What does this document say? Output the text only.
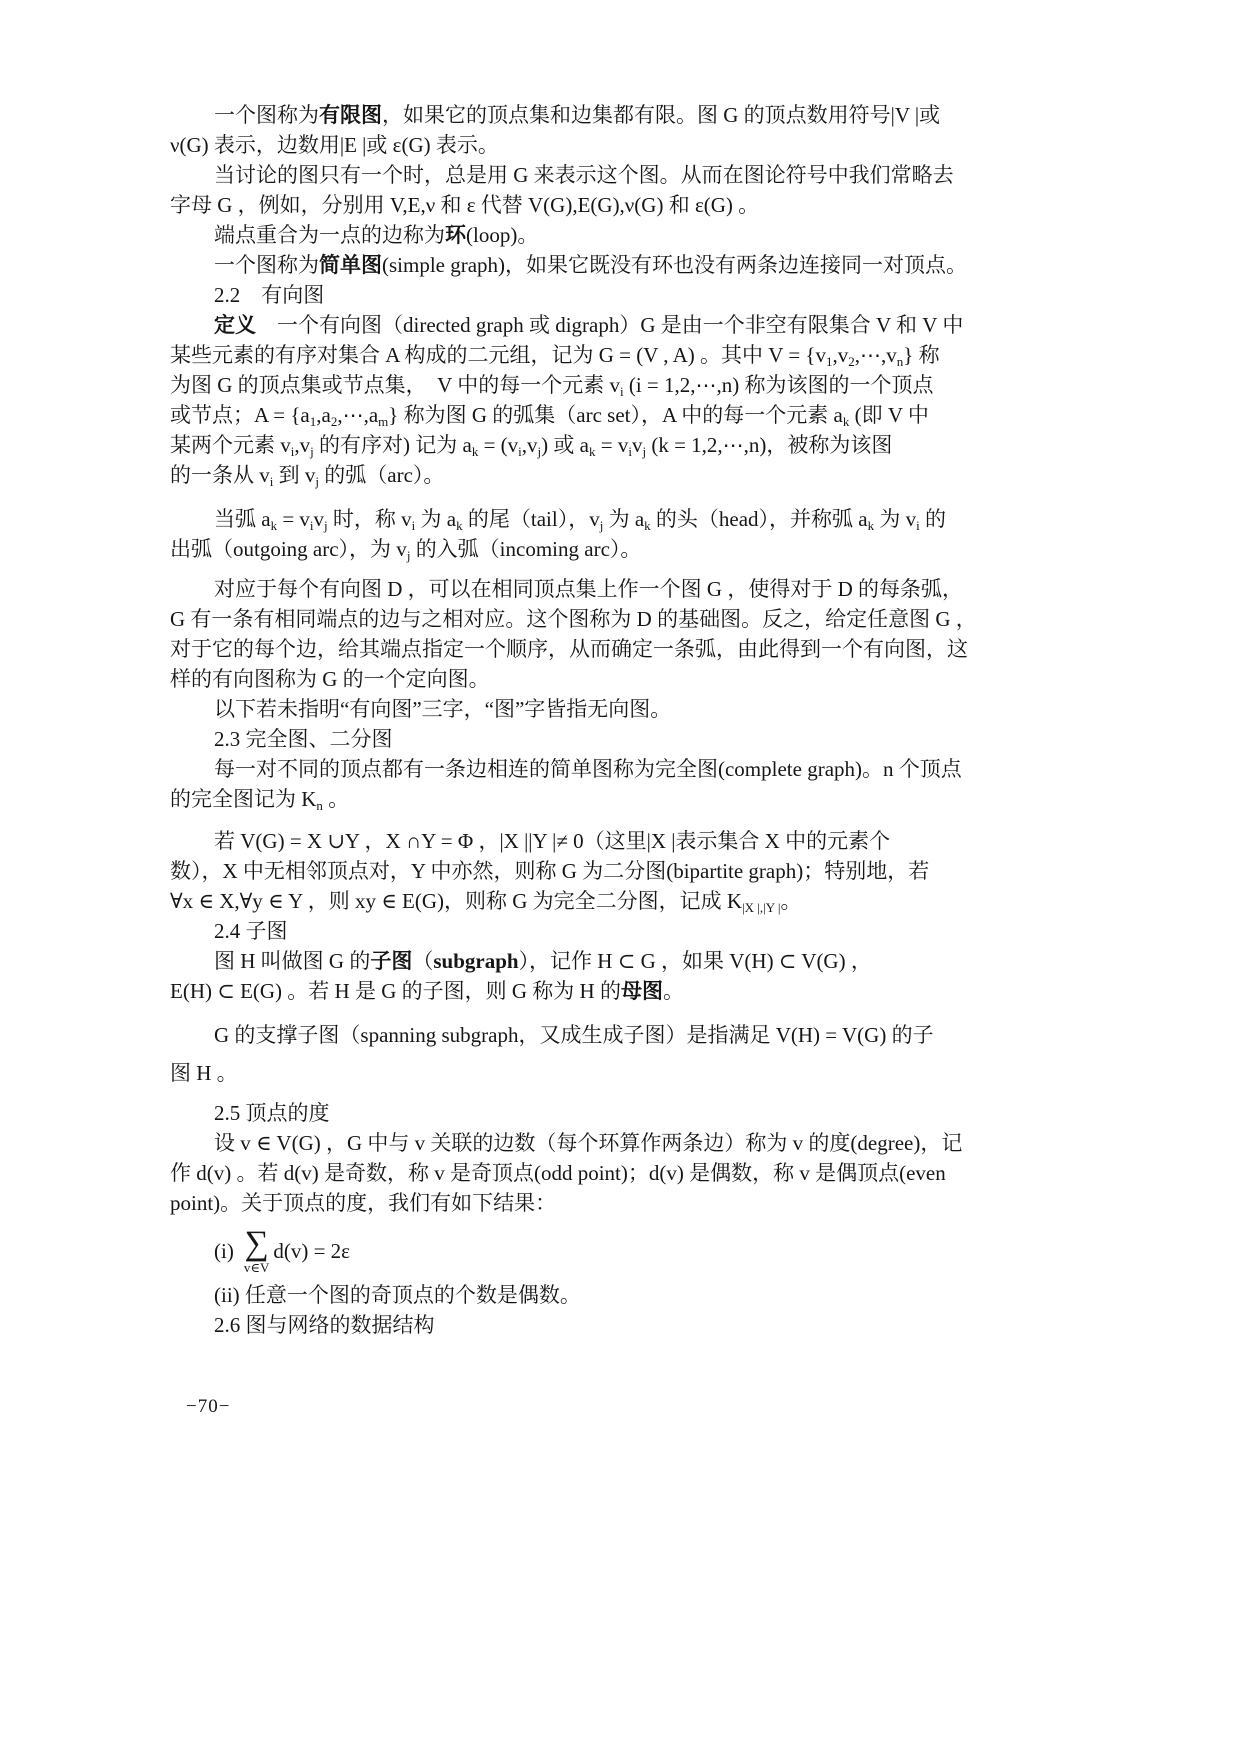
一个图称为有限图，如果它的顶点集和边集都有限。图 G 的顶点数用符号|V |或

ν(G) 表示，边数用|E |或 ε(G) 表示。

当讨论的图只有一个时，总是用 G 来表示这个图。从而在图论符号中我们常略去

字母 G ，例如，分别用 V,E,ν 和 ε 代替 V(G),E(G),ν(G) 和 ε(G) 。

端点重合为一点的边称为环(loop)。

一个图称为简单图(simple graph)，如果它既没有环也没有两条边连接同一对顶点。

2.2　有向图

定义　一个有向图（directed graph 或 digraph）G 是由一个非空有限集合 V 和 V 中

某些元素的有序对集合 A 构成的二元组，记为 G = (V , A) 。其中 $V = \{v_1,v_2,\cdots,v_n\}$ 称

为图 G 的顶点集或节点集，　V 中的每一个元素 $v_i$ (i = 1,2,⋯,n) 称为该图的一个顶点

或节点；$A = \{a_1,a_2,\cdots,a_m\}$ 称为图 G 的弧集（arc set），A 中的每一个元素 $a_k$ (即 V 中

某两个元素 $v_i,v_j$ 的有序对) 记为 $a_k = (v_i,v_j)$ 或 $a_k = v_iv_j$ (k = 1,2,⋯,n)，被称为该图

的一条从 $v_i$ 到 $v_j$ 的弧（arc）。

当弧 $a_k = v_iv_j$ 时，称 $v_i$ 为 $a_k$ 的尾（tail），$v_j$ 为 $a_k$ 的头（head），并称弧 $a_k$ 为 $v_i$ 的

出弧（outgoing arc），为 $v_j$ 的入弧（incoming arc）。

对应于每个有向图 D ，可以在相同顶点集上作一个图 G ，使得对于 D 的每条弧，

G 有一条有相同端点的边与之相对应。这个图称为 D 的基础图。反之，给定任意图 G ，

对于它的每个边，给其端点指定一个顺序，从而确定一条弧，由此得到一个有向图，这

样的有向图称为 G 的一个定向图。

以下若未指明“有向图”三字，“图”字皆指无向图。

2.3 完全图、二分图

每一对不同的顶点都有一条边相连的简单图称为完全图(complete graph)。n 个顶点

的完全图记为 $K_n$ 。

若 V(G) = X ∪Y ，X ∩Y = Φ ，|X ||Y |≠ 0（这里|X |表示集合 X 中的元素个

数），X 中无相邻顶点对，Y 中亦然，则称 G 为二分图(bipartite graph)；特别地，若

∀x ∈ X,∀y ∈ Y ，则 xy ∈ E(G)，则称 G 为完全二分图，记成 $K_{|X |,|Y |}$。

2.4 子图

图 H 叫做图 G 的子图（subgraph），记作 H ⊂ G ，如果 V(H) ⊂ V(G) ，

E(H) ⊂ E(G) 。若 H 是 G 的子图，则 G 称为 H 的母图。

G 的支撑子图（spanning subgraph，又成生成子图）是指满足 V(H) = V(G) 的子

图 H 。

2.5 顶点的度

设 v ∈ V(G) ，G 中与 v 关联的边数（每个环算作两条边）称为 v 的度(degree)，记

作 d(v) 。若 d(v) 是奇数，称 v 是奇顶点(odd point)；d(v) 是偶数，称 v 是偶顶点(even

point)。关于顶点的度，我们有如下结果：

(i) ∑
v∈V
d(v) = 2ε

(ii) 任意一个图的奇顶点的个数是偶数。

2.6 图与网络的数据结构

−70−
